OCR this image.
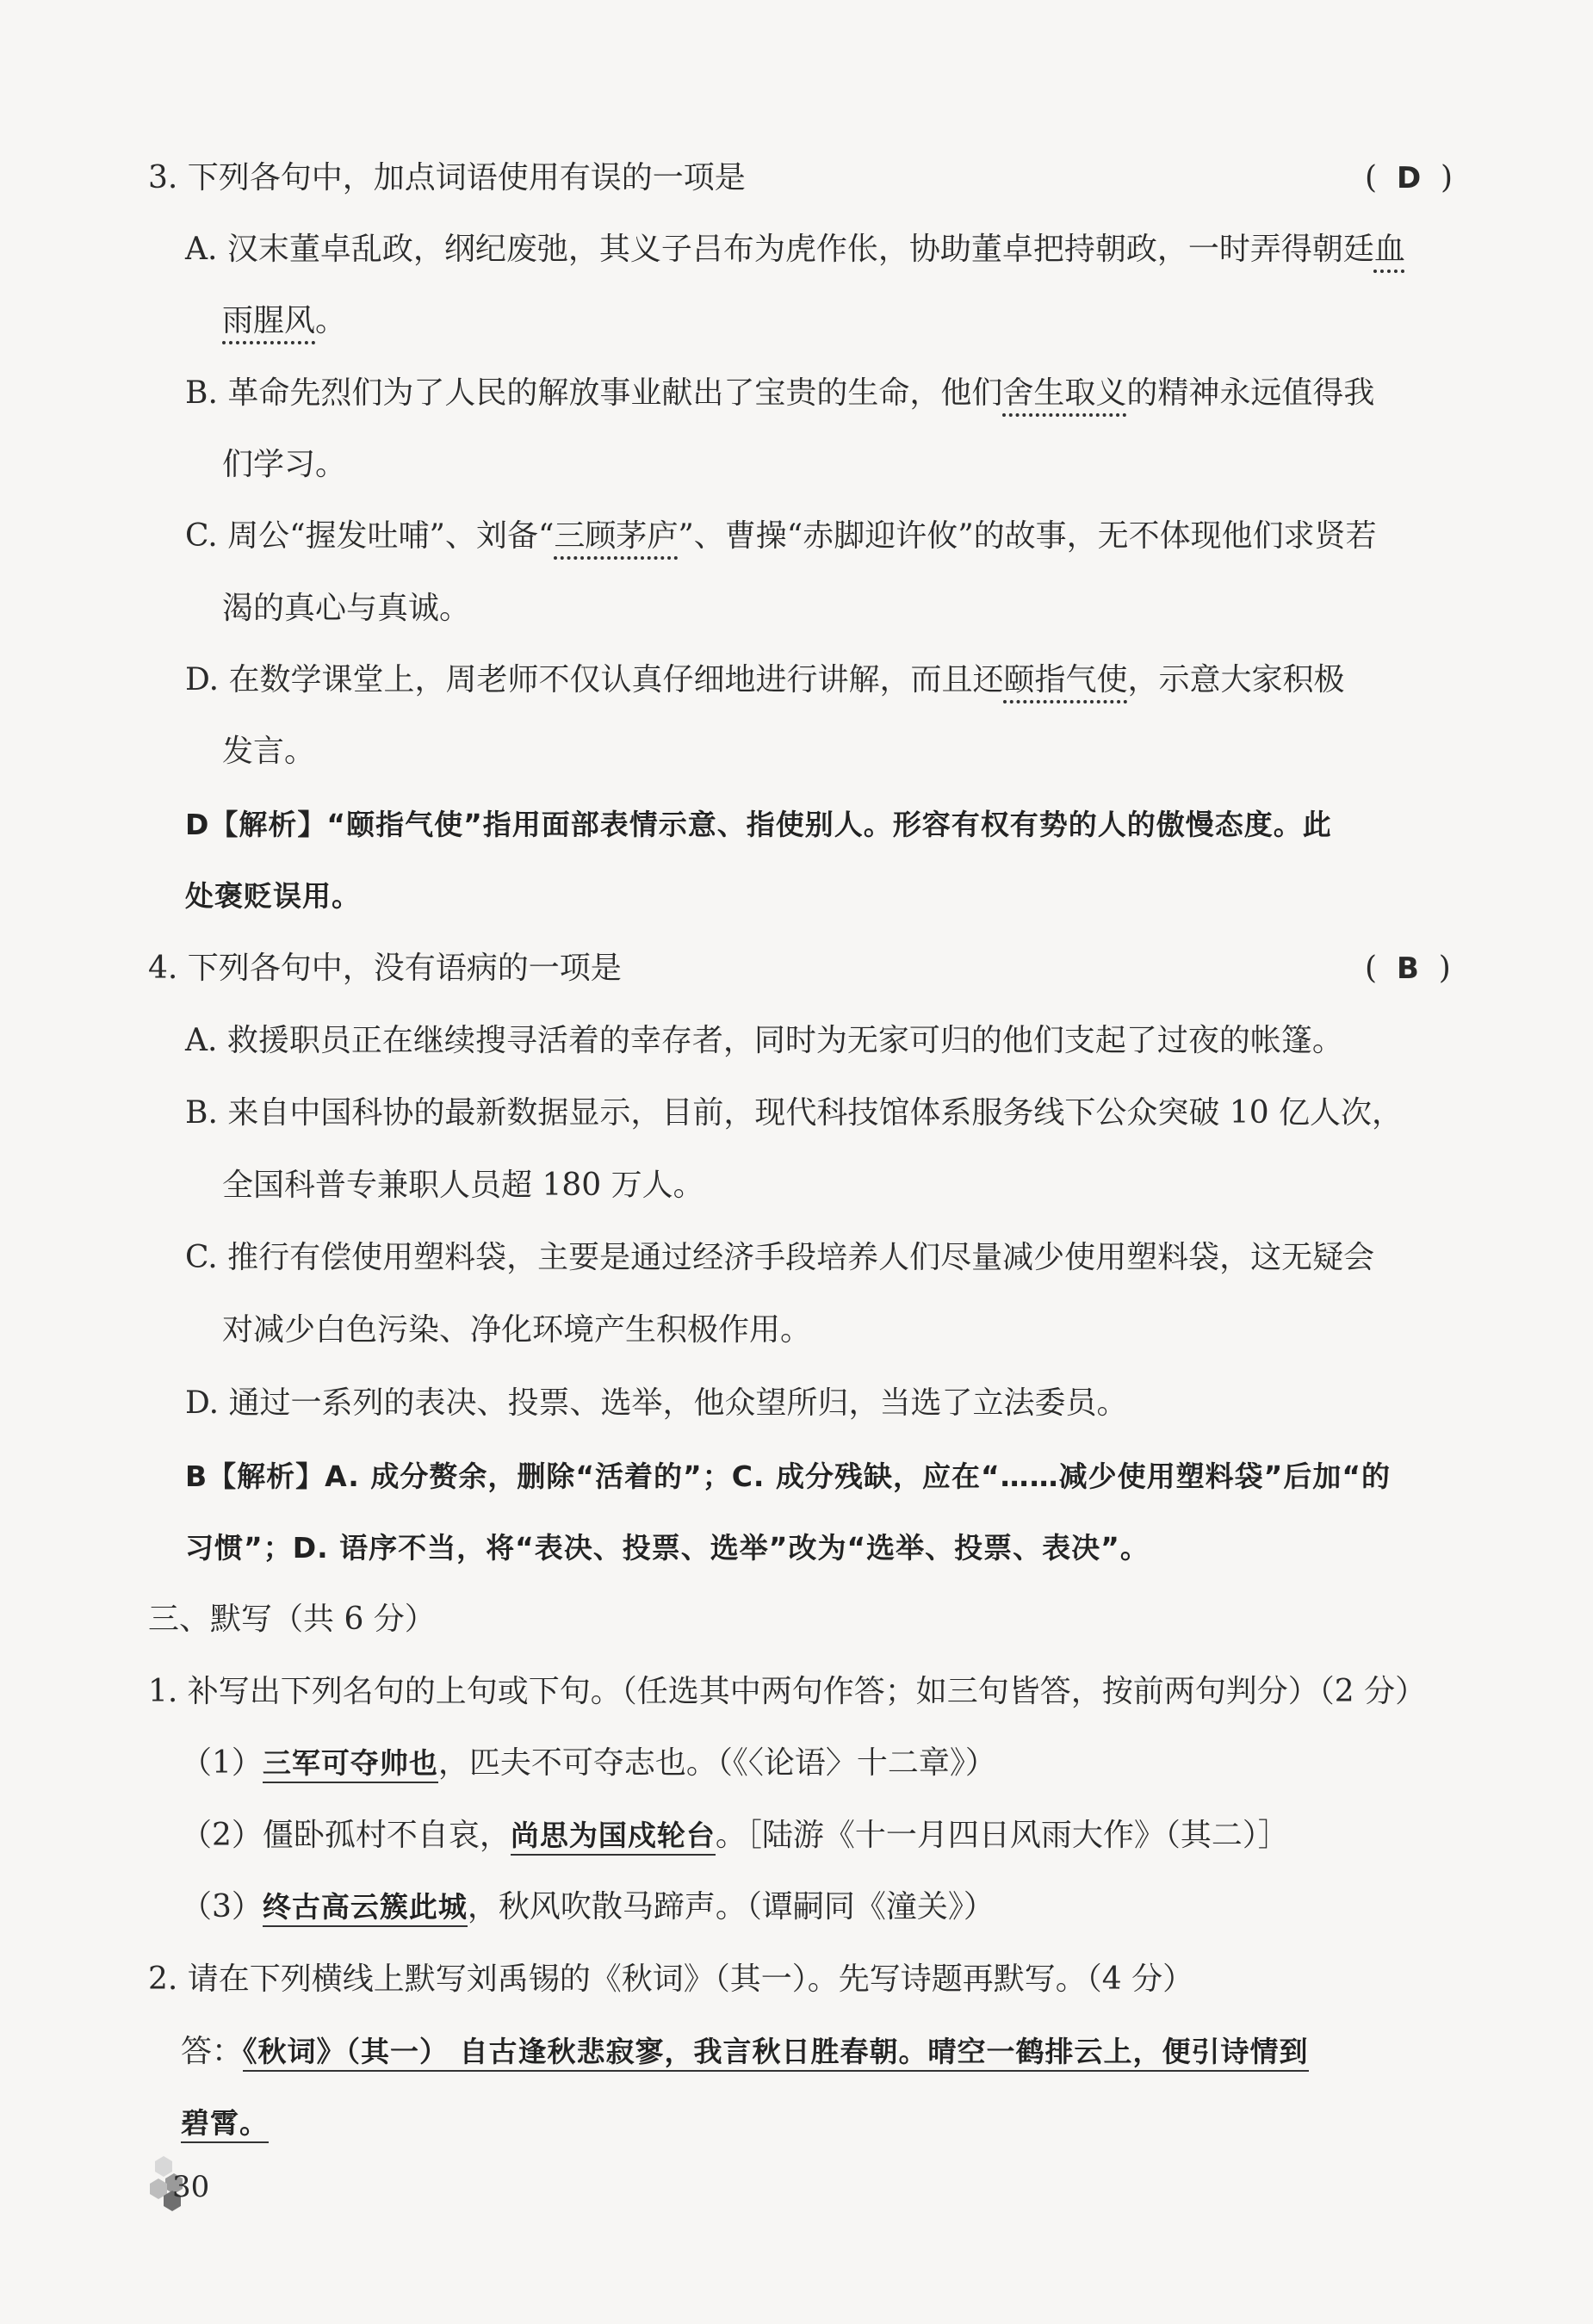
3. 下列各句中，加点词语使用有误的一项是	(  D  )
A. 汉末董卓乱政，纲纪废弛，其义子吕布为虎作伥，协助董卓把持朝政，一时弄得朝廷血
雨腥风。
B. 革命先烈们为了人民的解放事业献出了宝贵的生命，他们舍生取义的精神永远值得我
们学习。
C. 周公“握发吐哺”、刘备“三顾茅庐”、曹操“赤脚迎许攸”的故事，无不体现他们求贤若
渴的真心与真诚。
D. 在数学课堂上，周老师不仅认真仔细地进行讲解，而且还颐指气使，示意大家积极
发言。
D【解析】“颐指气使”指用面部表情示意、指使别人。形容有权有势的人的傲慢态度。此
处褒贬误用。
4. 下列各句中，没有语病的一项是	(  B  )
A. 救援职员正在继续搜寻活着的幸存者，同时为无家可归的他们支起了过夜的帐篷。
B. 来自中国科协的最新数据显示，目前，现代科技馆体系服务线下公众突破 10 亿人次，
全国科普专兼职人员超 180 万人。
C. 推行有偿使用塑料袋，主要是通过经济手段培养人们尽量减少使用塑料袋，这无疑会
对减少白色污染、净化环境产生积极作用。
D. 通过一系列的表决、投票、选举，他众望所归，当选了立法委员。
B【解析】A. 成分赘余，删除“活着的”；C. 成分残缺，应在“……减少使用塑料袋”后加“的
习惯”；D. 语序不当，将“表决、投票、选举”改为“选举、投票、表决”。
三、默写（共 6 分）
1. 补写出下列名句的上句或下句。（任选其中两句作答；如三句皆答，按前两句判分）（2 分）
（1）三军可夺帅也，匹夫不可夺志也。（《〈论语〉十二章》）
（2）僵卧孤村不自哀，尚思为国戍轮台。［陆游《十一月四日风雨大作》（其二）］
（3）终古高云簇此城，秋风吹散马蹄声。（谭嗣同《潼关》）
2. 请在下列横线上默写刘禹锡的《秋词》（其一）。先写诗题再默写。（4 分）
答：《秋词》（其一） 自古逢秋悲寂寥，我言秋日胜春朝。晴空一鹤排云上，便引诗情到
碧霄。
30
